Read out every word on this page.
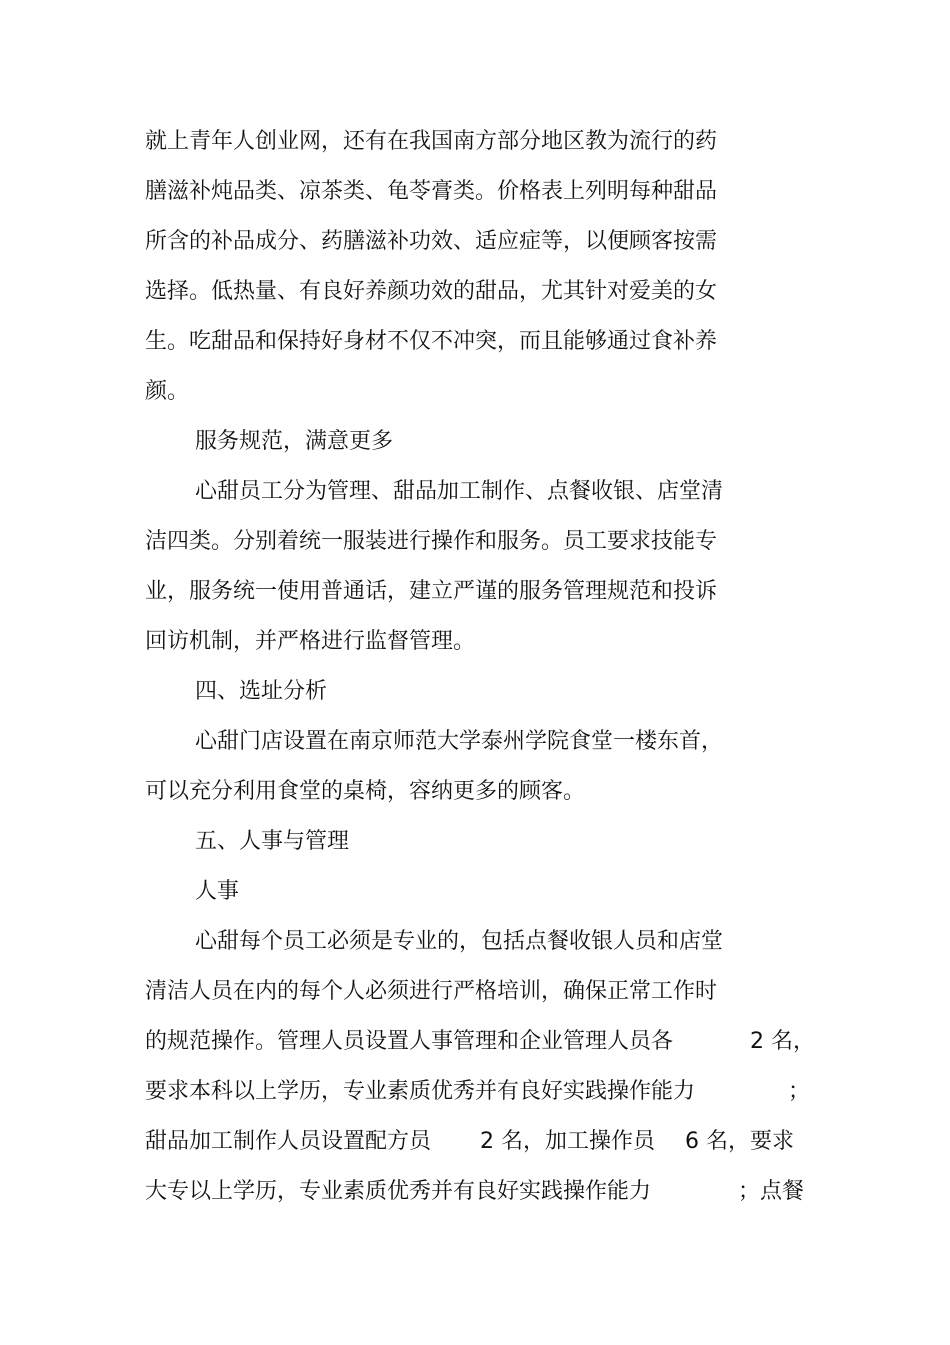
就上青年人创业网，还有在我国南方部分地区教为流行的药
膳滋补炖品类、凉茶类、龟苓膏类。价格表上列明每种甜品
所含的补品成分、药膳滋补功效、适应症等，以便顾客按需
选择。低热量、有良好养颜功效的甜品，尤其针对爱美的女
生。吃甜品和保持好身材不仅不冲突，而且能够通过食补养
颜。
服务规范，满意更多
心甜员工分为管理、甜品加工制作、点餐收银、店堂清
洁四类。分别着统一服装进行操作和服务。员工要求技能专
业，服务统一使用普通话，建立严谨的服务管理规范和投诉
回访机制，并严格进行监督管理。
四、选址分析
心甜门店设置在南京师范大学泰州学院食堂一楼东首，
可以充分利用食堂的桌椅，容纳更多的顾客。
五、人事与管理
人事
心甜每个员工必须是专业的，包括点餐收银人员和店堂
清洁人员在内的每个人必须进行严格培训，确保正常工作时
的规范操作。管理人员设置人事管理和企业管理人员各	2 名，
要求本科以上学历，专业素质优秀并有良好实践操作能力	；
甜品加工制作人员设置配方员 2 名，加工操作员 6 名，要求
大专以上学历，专业素质优秀并有良好实践操作能力	；点餐
